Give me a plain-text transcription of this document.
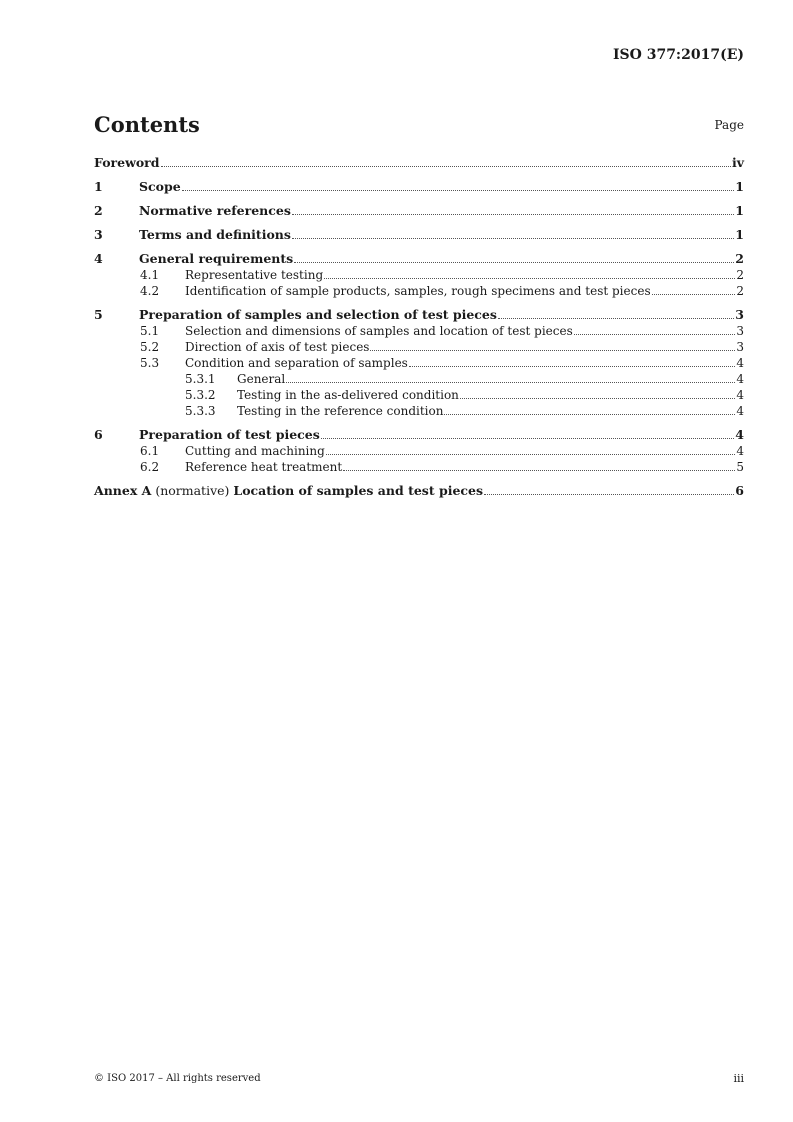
ISO 377:2017(E)
Contents	Page
Foreword	iv
1	Scope	1
2	Normative references	1
3	Terms and definitions	1
4	General requirements	2
4.1	Representative testing	2
4.2	Identification of sample products, samples, rough specimens and test pieces	2
5	Preparation of samples and selection of test pieces	3
5.1	Selection and dimensions of samples and location of test pieces	3
5.2	Direction of axis of test pieces	3
5.3	Condition and separation of samples	4
5.3.1	General	4
5.3.2	Testing in the as-delivered condition	4
5.3.3	Testing in the reference condition	4
6	Preparation of test pieces	4
6.1	Cutting and machining	4
6.2	Reference heat treatment	5
Annex A (normative) Location of samples and test pieces	6
© ISO 2017 – All rights reserved	iii
